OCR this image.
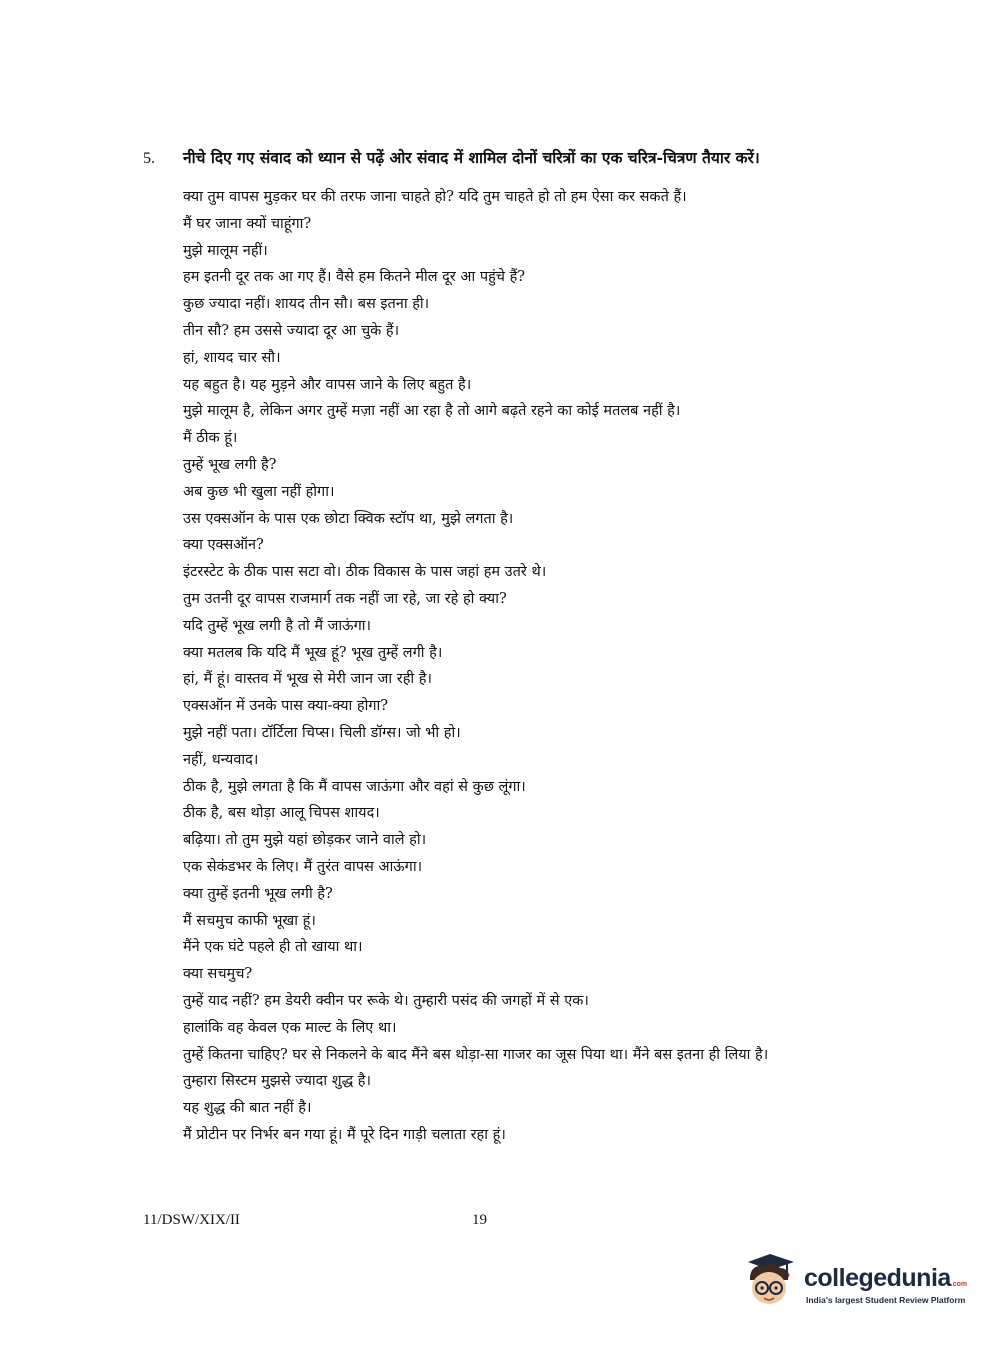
5.	नीचे दिए गए संवाद को ध्यान से पढ़ें ओर संवाद में शामिल दोनों चरित्रों का एक चरित्र-चित्रण तैयार करें।
क्या तुम वापस मुड़कर घर की तरफ जाना चाहते हो? यदि तुम चाहते हो तो हम ऐसा कर सकते हैं।
मैं घर जाना क्यों चाहूंगा?
मुझे मालूम नहीं।
हम इतनी दूर तक आ गए हैं। वैसे हम कितने मील दूर आ पहुंचे हैं?
कुछ ज्यादा नहीं। शायद तीन सौ। बस इतना ही।
तीन सौ? हम उससे ज्यादा दूर आ चुके हैं।
हां, शायद चार सौ।
यह बहुत है। यह मुड़ने और वापस जाने के लिए बहुत है।
मुझे मालूम है, लेकिन अगर तुम्हें मज़ा नहीं आ रहा है तो आगे बढ़ते रहने का कोई मतलब नहीं है।
मैं ठीक हूं।
तुम्हें भूख लगी है?
अब कुछ भी खुला नहीं होगा।
उस एक्सऑन के पास एक छोटा क्विक स्टॉप था, मुझे लगता है।
क्या एक्सऑन?
इंटरस्टेट के ठीक पास सटा वो। ठीक विकास के पास जहां हम उतरे थे।
तुम उतनी दूर वापस राजमार्ग तक नहीं जा रहे, जा रहे हो क्या?
यदि तुम्हें भूख लगी है तो मैं जाऊंगा।
क्या मतलब कि यदि मैं भूख हूं? भूख तुम्हें लगी है।
हां, मैं हूं। वास्तव में भूख से मेरी जान जा रही है।
एक्सऑन में उनके पास क्या-क्या होगा?
मुझे नहीं पता। टॉर्टिला चिप्स। चिली डॉग्स। जो भी हो।
नहीं, धन्यवाद।
ठीक है, मुझे लगता है कि मैं वापस जाऊंगा और वहां से कुछ लूंगा।
ठीक है, बस थोड़ा आलू चिपस शायद।
बढ़िया। तो तुम मुझे यहां छोड़कर जाने वाले हो।
एक सेकंडभर के लिए। मैं तुरंत वापस आऊंगा।
क्या तुम्हें इतनी भूख लगी है?
मैं सचमुच काफी भूखा हूं।
मैंने एक घंटे पहले ही तो खाया था।
क्या सचमुच?
तुम्हें याद नहीं? हम डेयरी क्वीन पर रूके थे। तुम्हारी पसंद की जगहों में से एक।
हालांकि वह केवल एक माल्ट के लिए था।
तुम्हें कितना चाहिए? घर से निकलने के बाद मैंने बस थोड़ा-सा गाजर का जूस पिया था। मैंने बस इतना ही लिया है।
तुम्हारा सिस्टम मुझसे ज्यादा शुद्ध है।
यह शुद्ध की बात नहीं है।
मैं प्रोटीन पर निर्भर बन गया हूं। मैं पूरे दिन गाड़ी चलाता रहा हूं।
11/DSW/XIX/II	19
collegedunia.com
India's largest Student Review Platform
